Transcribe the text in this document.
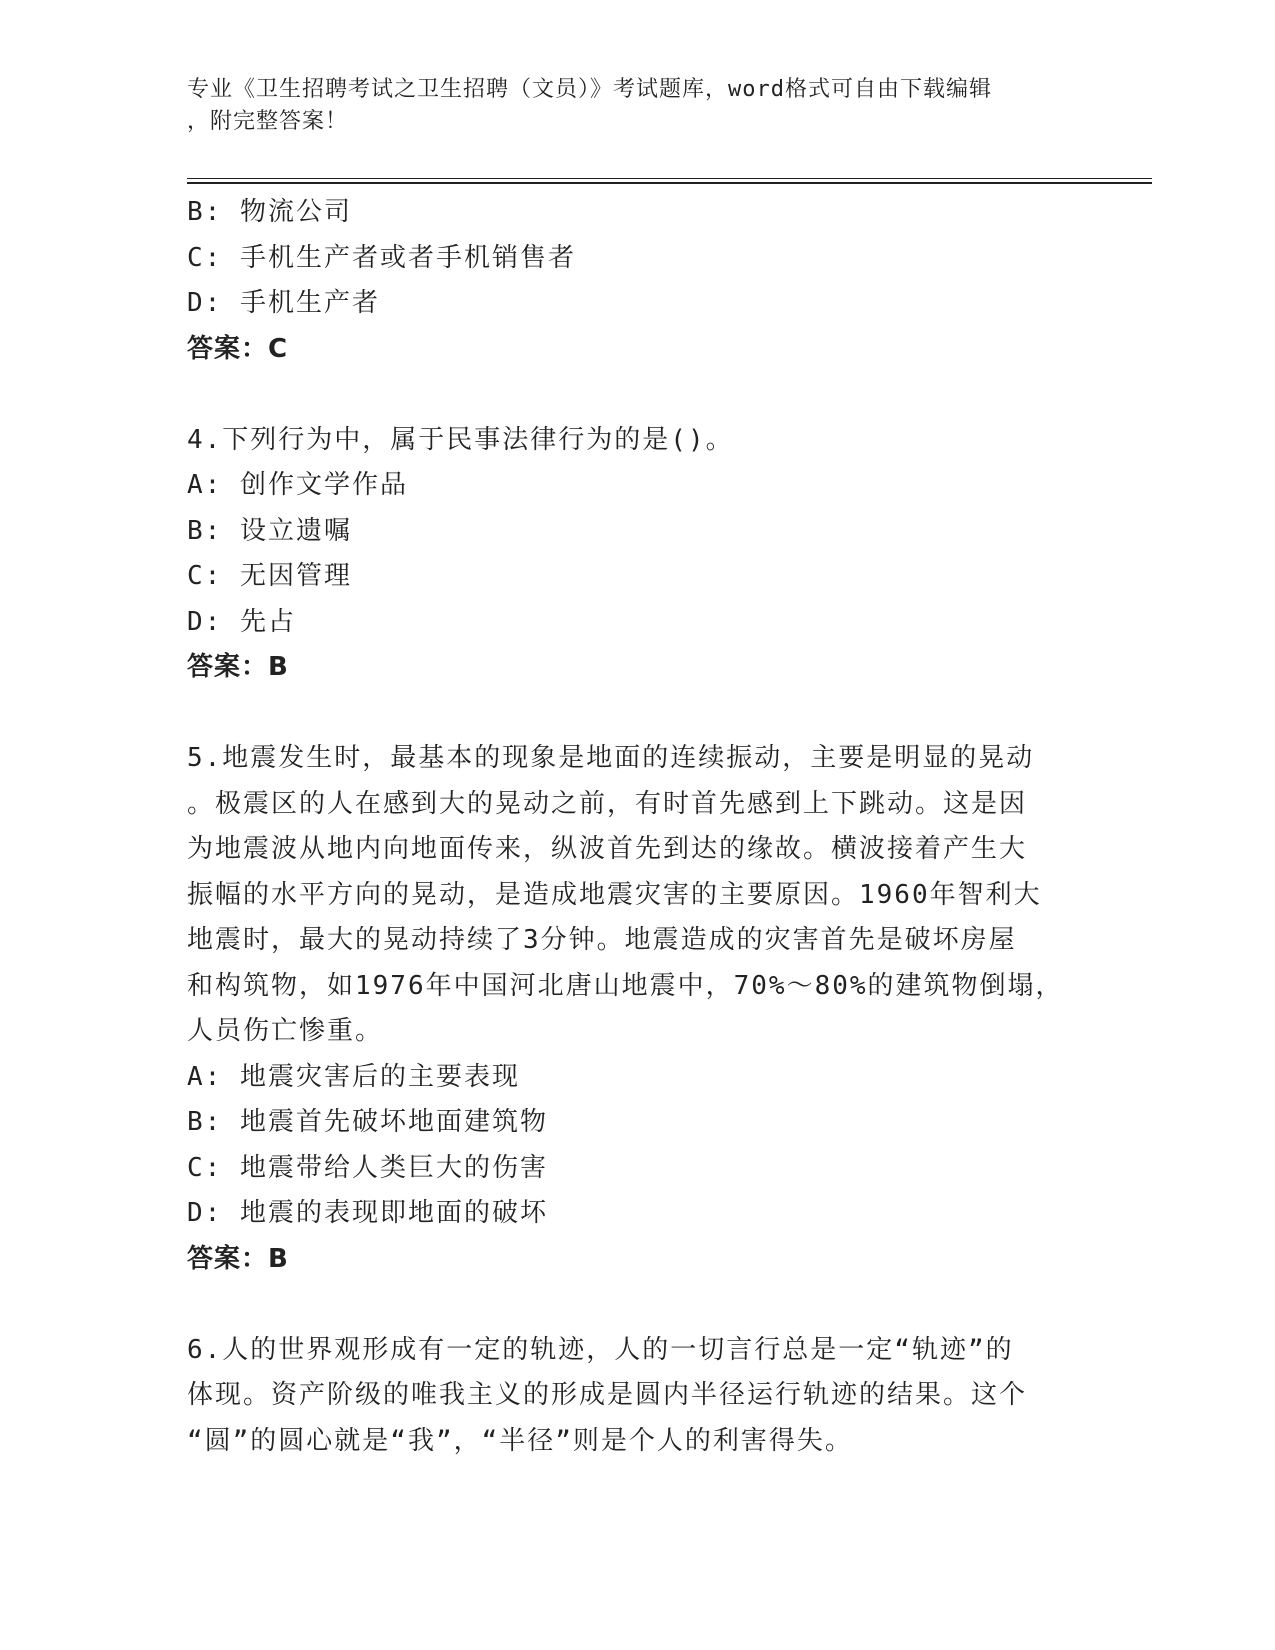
专业《卫生招聘考试之卫生招聘（文员）》考试题库，word格式可自由下载编辑
，附完整答案！
B: 物流公司
C: 手机生产者或者手机销售者
D: 手机生产者
答案：C
4.下列行为中，属于民事法律行为的是()。
A: 创作文学作品
B: 设立遗嘱
C: 无因管理
D: 先占
答案：B
5.地震发生时，最基本的现象是地面的连续振动，主要是明显的晃动
。极震区的人在感到大的晃动之前，有时首先感到上下跳动。这是因
为地震波从地内向地面传来，纵波首先到达的缘故。横波接着产生大
振幅的水平方向的晃动，是造成地震灾害的主要原因。1960年智利大
地震时，最大的晃动持续了3分钟。地震造成的灾害首先是破坏房屋
和构筑物，如1976年中国河北唐山地震中，70%～80%的建筑物倒塌，
人员伤亡惨重。
A: 地震灾害后的主要表现
B: 地震首先破坏地面建筑物
C: 地震带给人类巨大的伤害
D: 地震的表现即地面的破坏
答案：B
6.人的世界观形成有一定的轨迹，人的一切言行总是一定“轨迹”的
体现。资产阶级的唯我主义的形成是圆内半径运行轨迹的结果。这个
“圆”的圆心就是“我”，“半径”则是个人的利害得失。
